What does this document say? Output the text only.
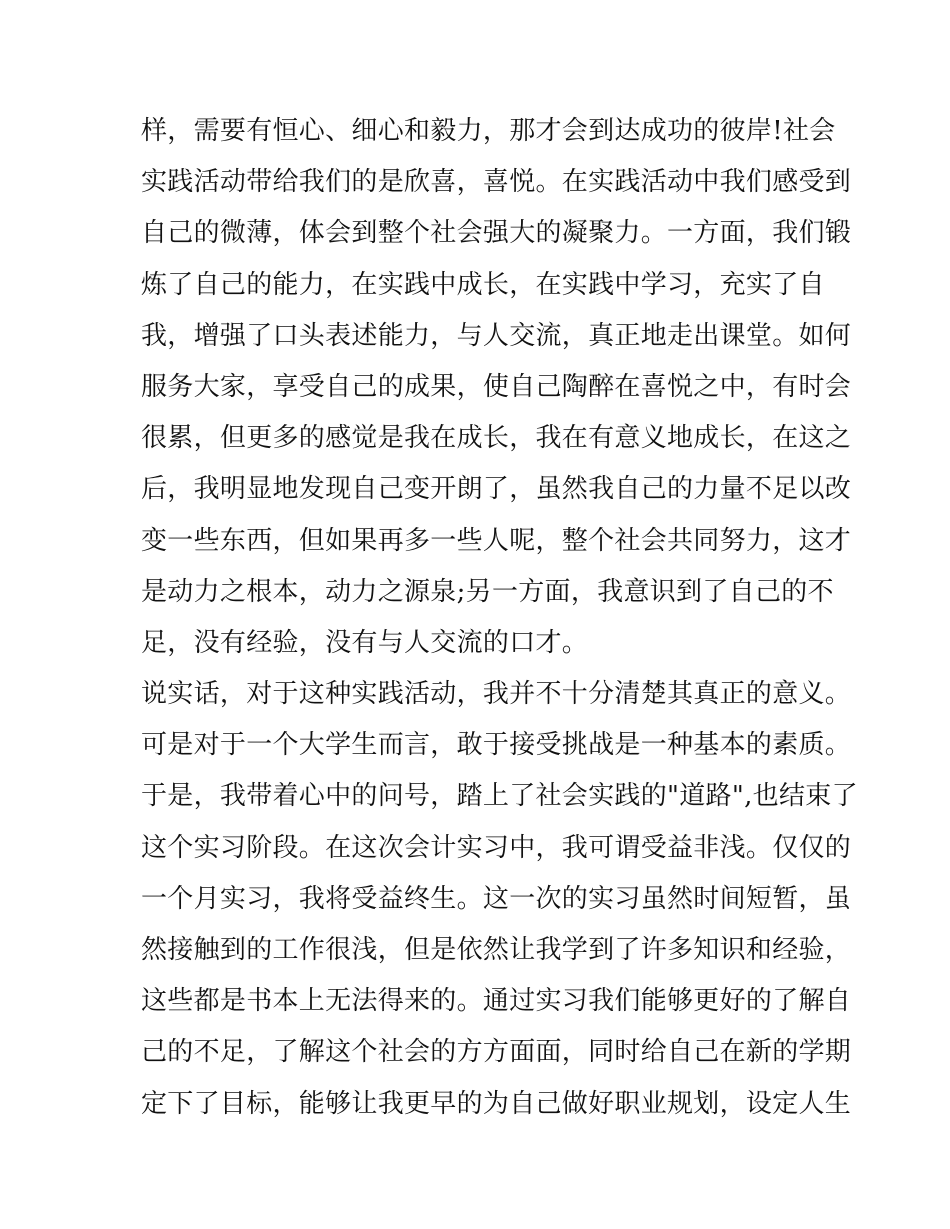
样，需要有恒心、细心和毅力，那才会到达成功的彼岸!社会
实践活动带给我们的是欣喜，喜悦。在实践活动中我们感受到
自己的微薄，体会到整个社会强大的凝聚力。一方面，我们锻
炼了自己的能力，在实践中成长，在实践中学习，充实了自
我，增强了口头表述能力，与人交流，真正地走出课堂。如何
服务大家，享受自己的成果，使自己陶醉在喜悦之中，有时会
很累，但更多的感觉是我在成长，我在有意义地成长，在这之
后，我明显地发现自己变开朗了，虽然我自己的力量不足以改
变一些东西，但如果再多一些人呢，整个社会共同努力，这才
是动力之根本，动力之源泉;另一方面，我意识到了自己的不
足，没有经验，没有与人交流的口才。
说实话，对于这种实践活动，我并不十分清楚其真正的意义。
可是对于一个大学生而言，敢于接受挑战是一种基本的素质。
于是，我带着心中的问号，踏上了社会实践的"道路",也结束了
这个实习阶段。在这次会计实习中，我可谓受益非浅。仅仅的
一个月实习，我将受益终生。这一次的实习虽然时间短暂，虽
然接触到的工作很浅，但是依然让我学到了许多知识和经验，
这些都是书本上无法得来的。通过实习我们能够更好的了解自
己的不足，了解这个社会的方方面面，同时给自己在新的学期
定下了目标，能够让我更早的为自己做好职业规划，设定人生
